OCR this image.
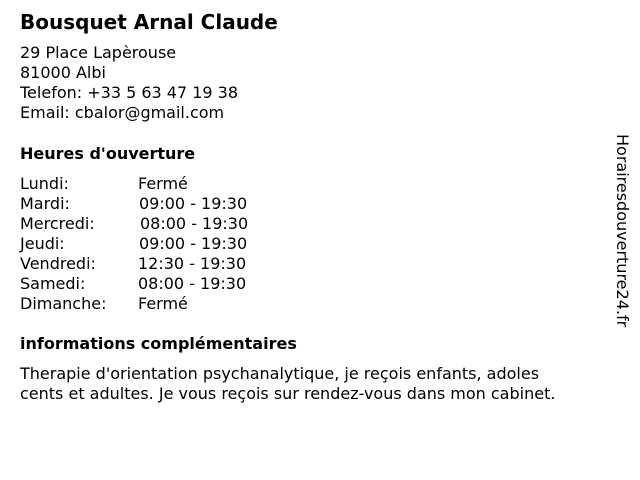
Bousquet Arnal Claude
29 Place Lapèrouse
81000 Albi
Telefon: +33 5 63 47 19 38
Email: cbalor@gmail.com
Heures d'ouverture
Lundi:	Fermé
Mardi:	09:00 - 19:30
Mercredi:	08:00 - 19:30
Jeudi:	09:00 - 19:30
Vendredi:	12:30 - 19:30
Samedi:	08:00 - 19:30
Dimanche: Fermé
informations complémentaires
Therapie d'orientation psychanalytique, je reçois enfants, adoles
cents et adultes. Je vous reçois sur rendez-vous dans mon cabinet.
Horairesdouverture24.fr
